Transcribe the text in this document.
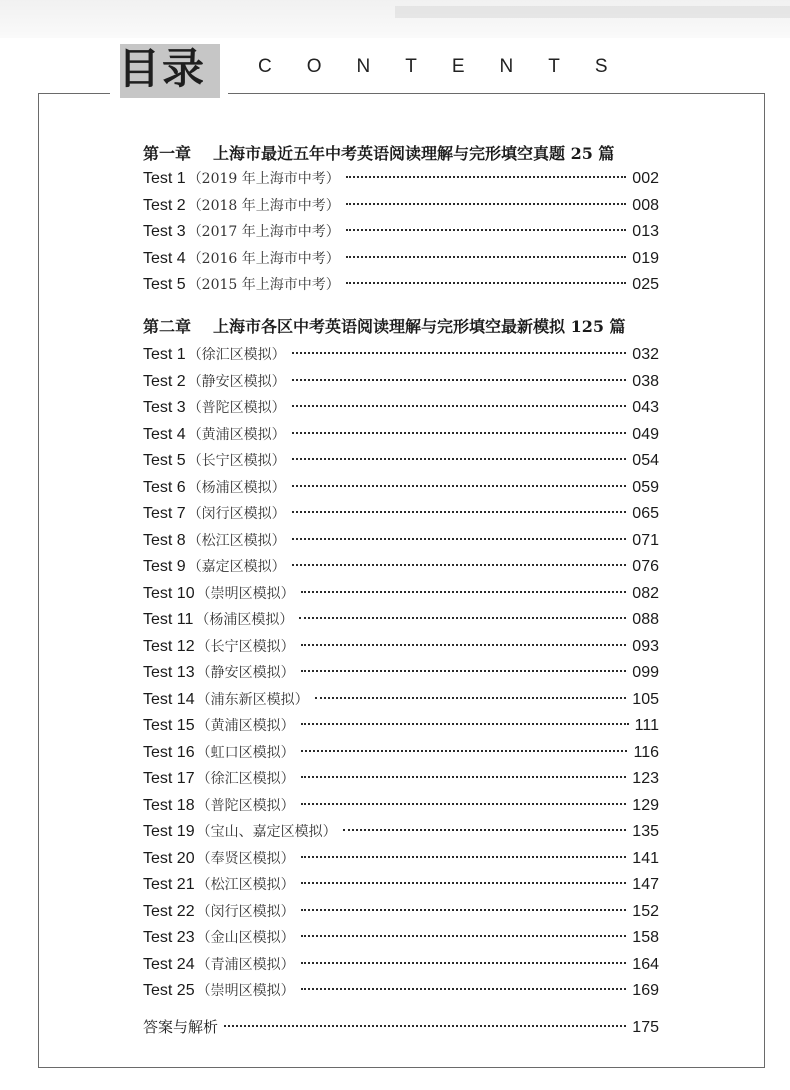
目录	CONTENTS
第一章 上海市最近五年中考英语阅读理解与完形填空真题 25 篇
Test 1 （2019 年上海市中考）	002
Test 2 （2018 年上海市中考）	008
Test 3 （2017 年上海市中考）	013
Test 4 （2016 年上海市中考）	019
Test 5 （2015 年上海市中考）	025
第二章 上海市各区中考英语阅读理解与完形填空最新模拟 125 篇
Test 1 （徐汇区模拟）	032
Test 2 （静安区模拟）	038
Test 3 （普陀区模拟）	043
Test 4 （黄浦区模拟）	049
Test 5 （长宁区模拟）	054
Test 6 （杨浦区模拟）	059
Test 7 （闵行区模拟）	065
Test 8 （松江区模拟）	071
Test 9 （嘉定区模拟）	076
Test 10 （崇明区模拟）	082
Test 11 （杨浦区模拟）	088
Test 12 （长宁区模拟）	093
Test 13 （静安区模拟）	099
Test 14 （浦东新区模拟）	105
Test 15 （黄浦区模拟）	111
Test 16 （虹口区模拟）	116
Test 17 （徐汇区模拟）	123
Test 18 （普陀区模拟）	129
Test 19 （宝山、嘉定区模拟）	135
Test 20 （奉贤区模拟）	141
Test 21 （松江区模拟）	147
Test 22 （闵行区模拟）	152
Test 23 （金山区模拟）	158
Test 24 （青浦区模拟）	164
Test 25 （崇明区模拟）	169
答案与解析	175
